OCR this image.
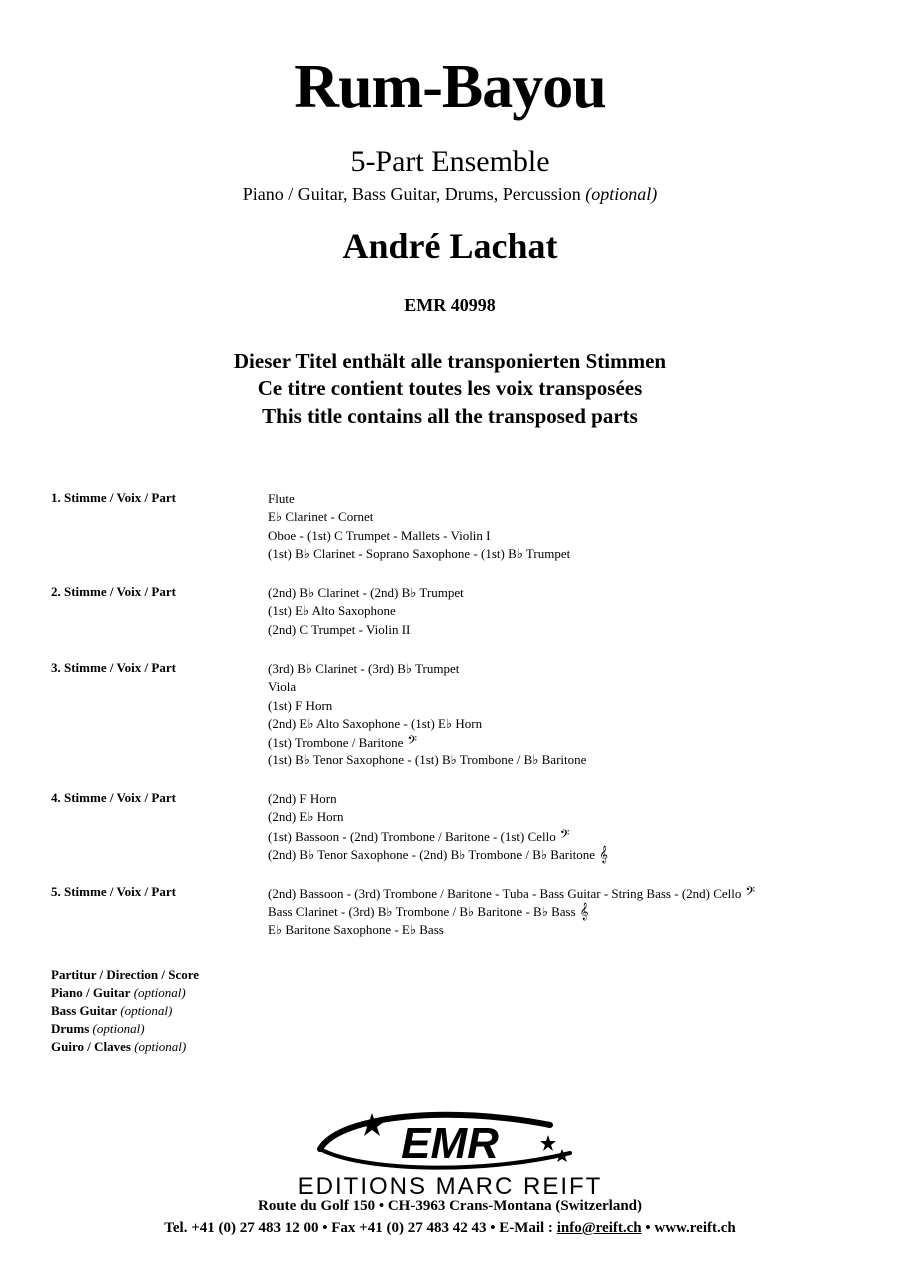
Rum-Bayou
5-Part Ensemble
Piano / Guitar, Bass Guitar, Drums, Percussion (optional)
André Lachat
EMR 40998
Dieser Titel enthält alle transponierten Stimmen
Ce titre contient toutes les voix transposées
This title contains all the transposed parts
1. Stimme / Voix / Part	Flute
E♭ Clarinet - Cornet
Oboe - (1st) C Trumpet - Mallets - Violin I
(1st) B♭ Clarinet - Soprano Saxophone - (1st) B♭ Trumpet
2. Stimme / Voix / Part	(2nd) B♭ Clarinet - (2nd) B♭ Trumpet
(1st) E♭ Alto Saxophone
(2nd) C Trumpet - Violin II
3. Stimme / Voix / Part	(3rd) B♭ Clarinet - (3rd) B♭ Trumpet
Viola
(1st) F Horn
(2nd) E♭ Alto Saxophone - (1st) E♭ Horn
(1st) Trombone / Baritone 𝄢
(1st) B♭ Tenor Saxophone - (1st) B♭ Trombone / B♭ Baritone
4. Stimme / Voix / Part	(2nd) F Horn
(2nd) E♭ Horn
(1st) Bassoon - (2nd) Trombone / Baritone - (1st) Cello 𝄢
(2nd) B♭ Tenor Saxophone - (2nd) B♭ Trombone / B♭ Baritone 𝄞
5. Stimme / Voix / Part	(2nd) Bassoon - (3rd) Trombone / Baritone - Tuba - Bass Guitar - String Bass - (2nd) Cello 𝄢
Bass Clarinet - (3rd) B♭ Trombone / B♭ Baritone - B♭ Bass 𝄞
E♭ Baritone Saxophone - E♭ Bass
Partitur / Direction / Score
Piano / Guitar (optional)
Bass Guitar (optional)
Drums (optional)
Guiro / Claves (optional)
EMR
EDITIONS MARC REIFT
Route du Golf 150 • CH-3963 Crans-Montana (Switzerland)
Tel. +41 (0) 27 483 12 00 • Fax +41 (0) 27 483 42 43 • E-Mail : info@reift.ch • www.reift.ch
